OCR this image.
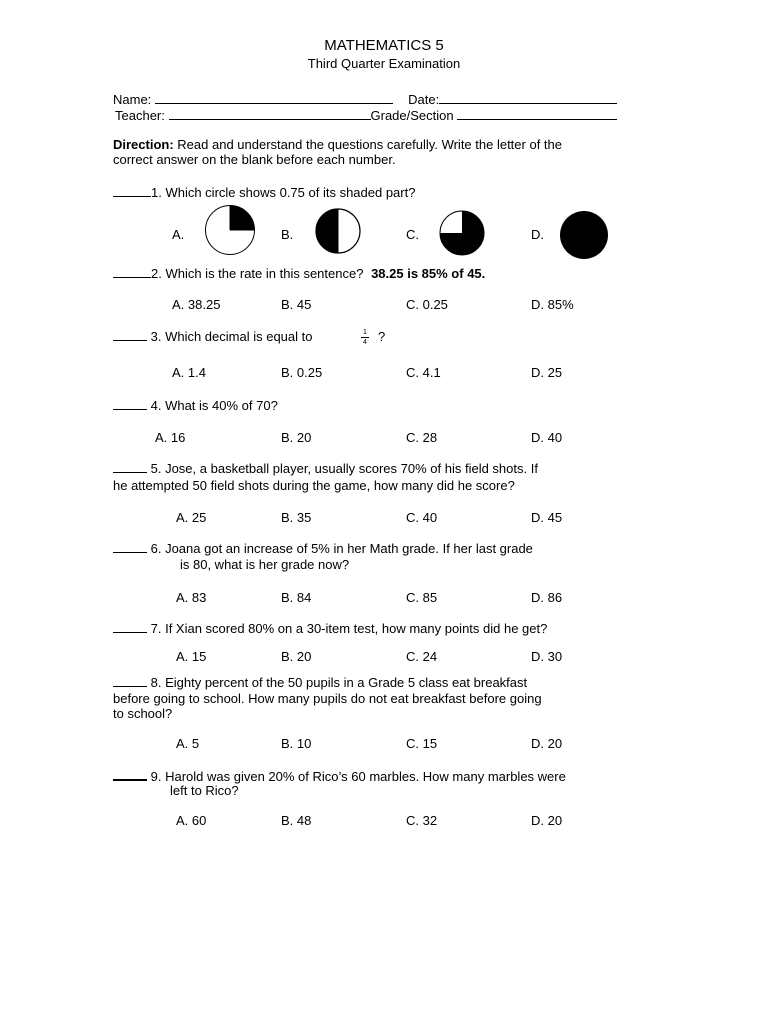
MATHEMATICS 5
Third Quarter Examination
Name:	Date:
Teacher:	Grade/Section
Direction: Read and understand the questions carefully. Write the letter of the
correct answer on the blank before each number.
1. Which circle shows 0.75 of its shaded part?
A.	B.	C.	D.
2. Which is the rate in this sentence? 38.25 is 85% of 45.
A. 38.25	B. 45	C. 0.25	D. 85%
3. Which decimal is equal to	1
4 ?
A. 1.4	B. 0.25	C. 4.1	D. 25
4. What is 40% of 70?
A. 16	B. 20	C. 28	D. 40
5. Jose, a basketball player, usually scores 70% of his field shots. If
he attempted 50 field shots during the game, how many did he score?
A. 25	B. 35	C. 40	D. 45
6. Joana got an increase of 5% in her Math grade. If her last grade
is 80, what is her grade now?
A. 83	B. 84	C. 85	D. 86
7. If Xian scored 80% on a 30-item test, how many points did he get?
A. 15	B. 20	C. 24	D. 30
8. Eighty percent of the 50 pupils in a Grade 5 class eat breakfast
before going to school. How many pupils do not eat breakfast before going
to school?
A. 5	B. 10	C. 15	D. 20
9. Harold was given 20% of Rico’s 60 marbles. How many marbles were
left to Rico?
A. 60	B. 48	C. 32	D. 20
